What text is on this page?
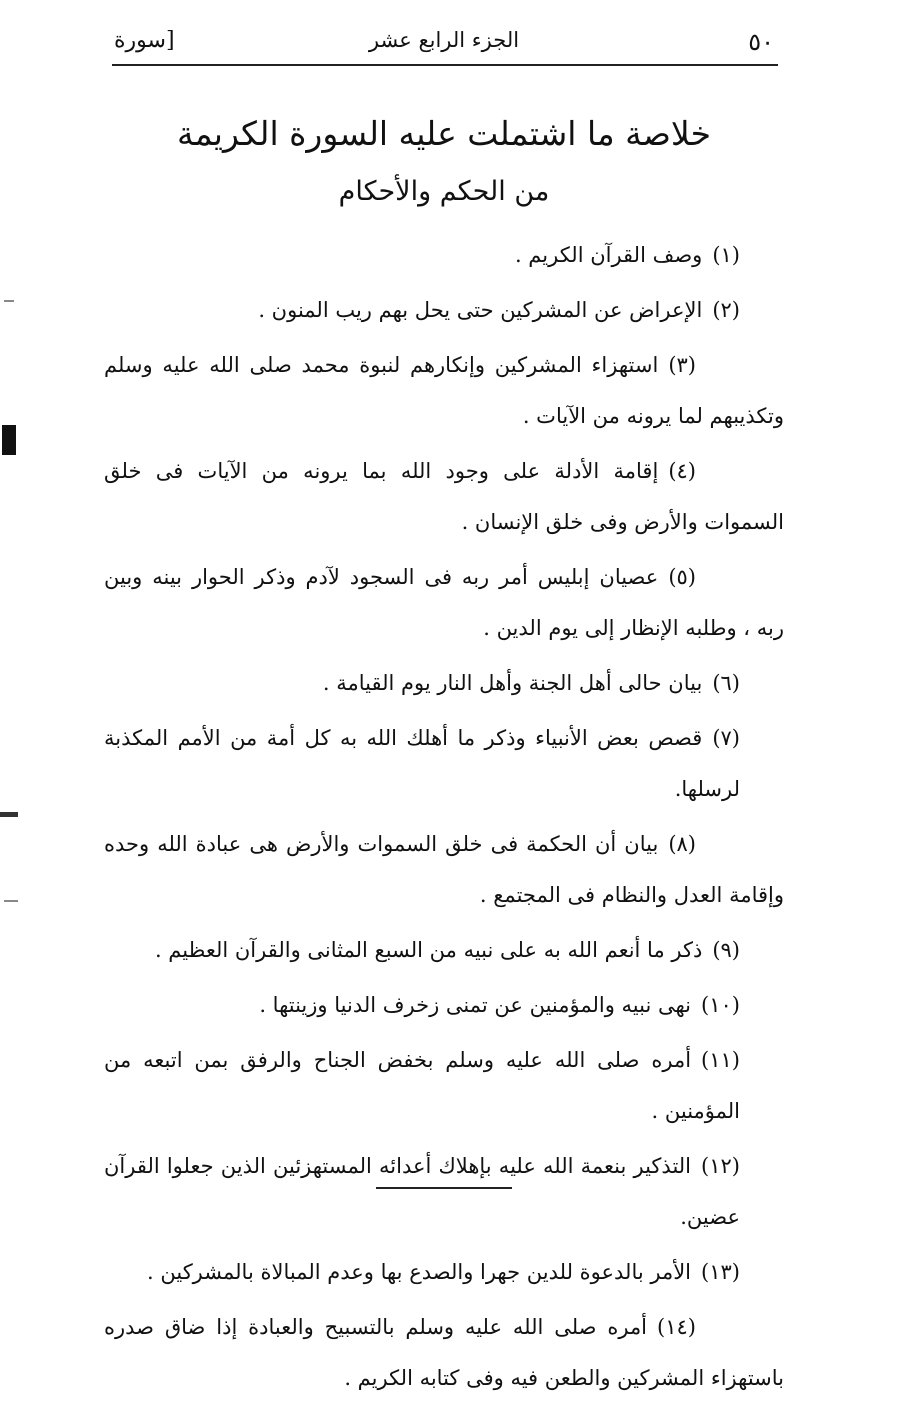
٥٠
الجزء الرابع عشر
[سورة
خلاصة ما اشتملت عليه السورة الكريمة
من الحكم والأحكام

(١)وصف القرآن الكريم .

(٢)الإعراض عن المشركين حتى يحل بهم ريب المنون .

(٣)استهزاء المشركين وإنكارهم لنبوة محمد صلى الله عليه وسلم وتكذيبهم لما يرونه من الآيات .

(٤)إقامة الأدلة على وجود الله بما يرونه من الآيات فى خلق السموات والأرض وفى خلق الإنسان .

(٥)عصيان إبليس أمر ربه فى السجود لآدم وذكر الحوار بينه وبين ربه ، وطلبه الإنظار إلى يوم الدين .

(٦)بيان حالى أهل الجنة وأهل النار يوم القيامة .

(٧)قصص بعض الأنبياء وذكر ما أهلك الله به كل أمة من الأمم المكذبة لرسلها.

(٨)بيان أن الحكمة فى خلق السموات والأرض هى عبادة الله وحده وإقامة العدل والنظام فى المجتمع .

(٩)ذكر ما أنعم الله به على نبيه من السبع المثانى والقرآن العظيم .

(١٠)نهى نبيه والمؤمنين عن تمنى زخرف الدنيا وزينتها .

(١١)أمره صلى الله عليه وسلم بخفض الجناح والرفق بمن اتبعه من المؤمنين .

(١٢)التذكير بنعمة الله عليه بإهلاك أعدائه المستهزئين الذين جعلوا القرآن عضين.

(١٣)الأمر بالدعوة للدين جهرا والصدع بها وعدم المبالاة بالمشركين .

(١٤)أمره صلى الله عليه وسلم بالتسبيح والعبادة إذا ضاق صدره باستهزاء المشركين والطعن فيه وفى كتابه الكريم .
